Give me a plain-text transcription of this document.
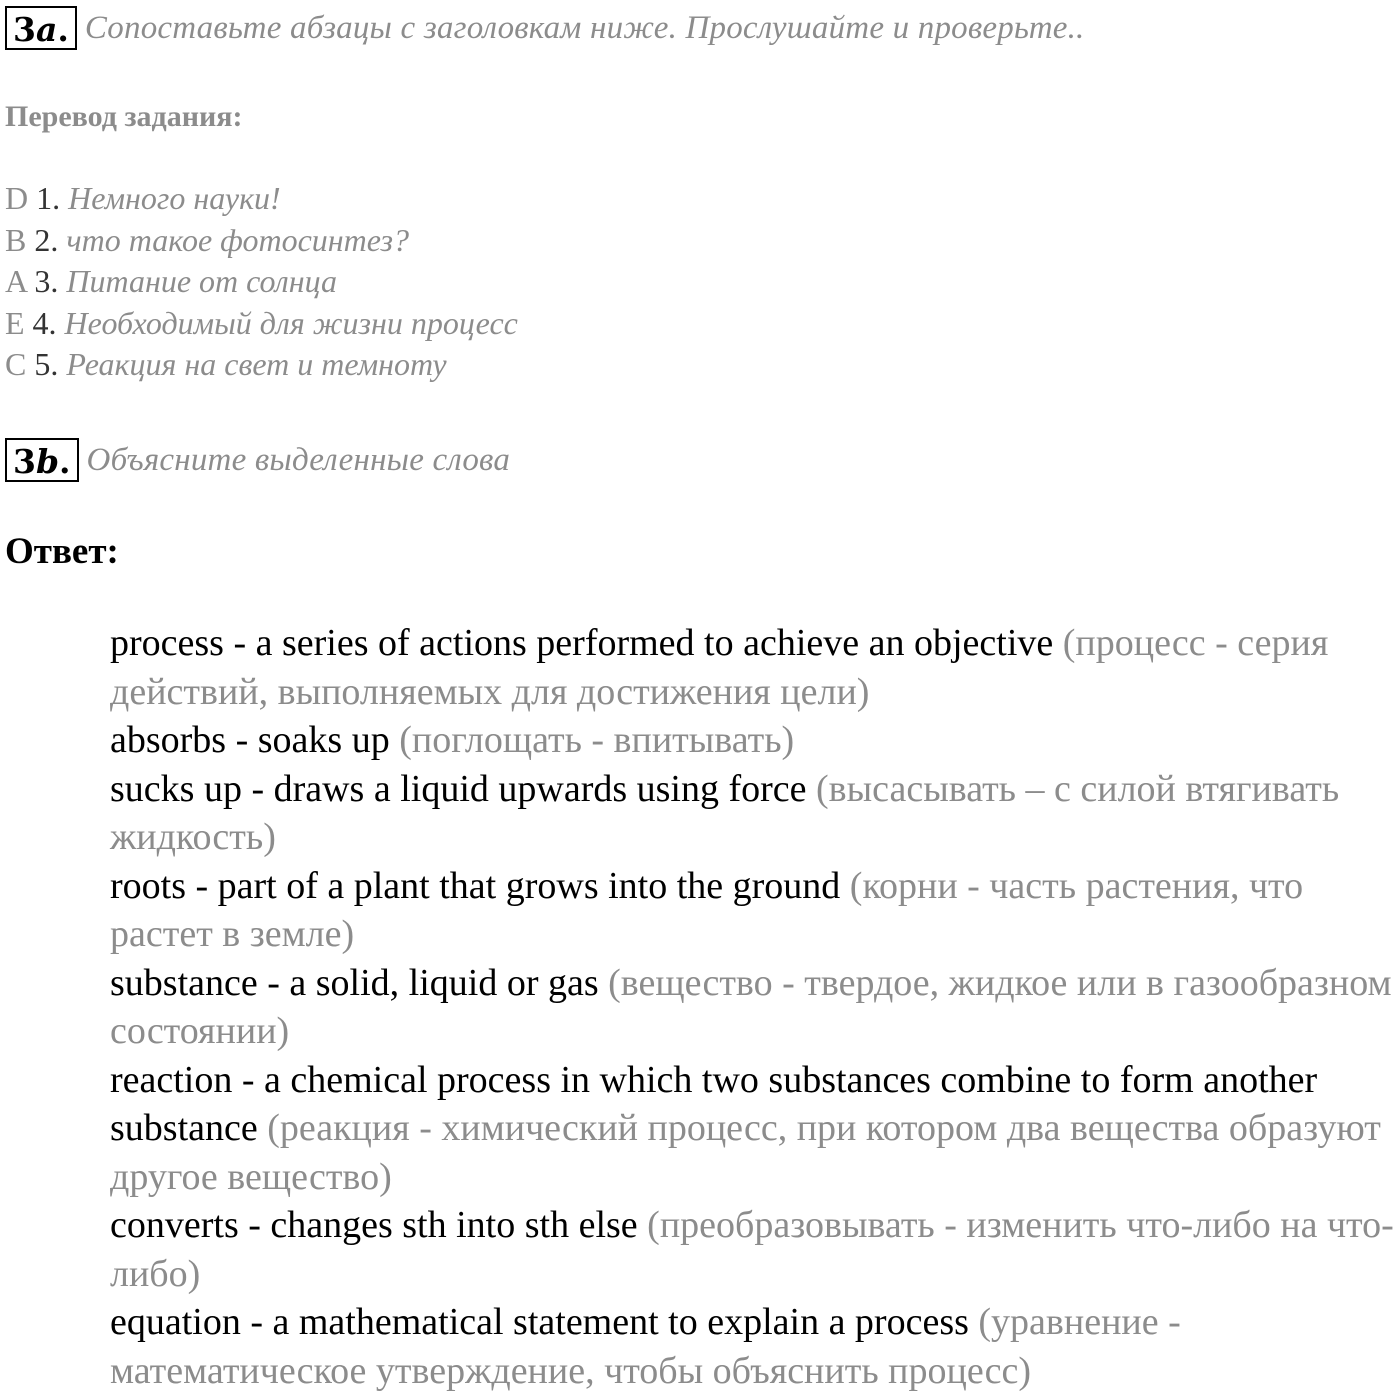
3a. Сопоставьте абзацы с заголовкам ниже. Прослушайте и проверьте..
Перевод задания:
D 1. Немного науки!
B 2. что такое фотосинтез?
A 3. Питание от солнца
E 4. Необходимый для жизни процесс
C 5. Реакция на свет и темноту
3b. Объясните выделенные слова
Ответ:

process - a series of actions performed to achieve an objective (процесс - серия действий, выполняемых для достижения цели)

absorbs - soaks up (поглощать - впитывать)

sucks up - draws a liquid upwards using force (высасывать – с силой втягивать жидкость)

roots - part of a plant that grows into the ground (корни - часть растения, что растет в земле)

substance - a solid, liquid or gas (вещество - твердое, жидкое или в газообразном состоянии)

reaction - a chemical process in which two substances combine to form another substance (реакция - химический процесс, при котором два вещества образуют другое вещество)

converts - changes sth into sth else (преобразовывать - изменить что-либо на что-либо)

equation - a mathematical statement to explain a process (уравнение - математическое утверждение, чтобы объяснить процесс)
